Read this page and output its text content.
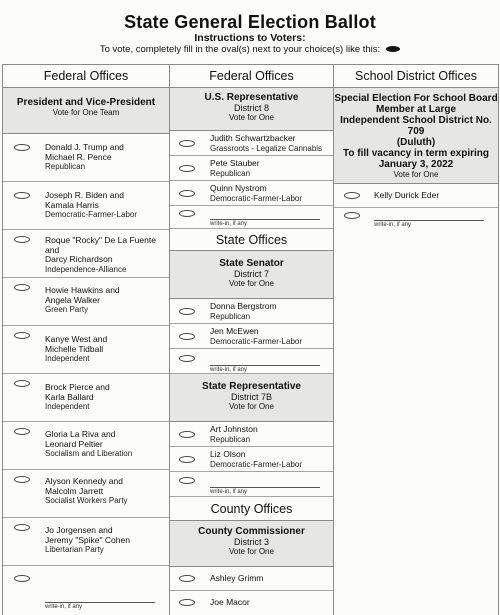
State General Election Ballot
Instructions to Voters:
To vote, completely fill in the oval(s) next to your choice(s) like this:
Federal Offices
President and Vice-President
Vote for One Team
Donald J. Trump and
Michael R. Pence
Republican
Joseph R. Biden and
Kamala Harris
Democratic-Farmer-Labor
Roque "Rocky" De La Fuente
and
Darcy Richardson
Independence-Alliance
Howie Hawkins and
Angela Walker
Green Party
Kanye West and
Michelle Tidball
Independent
Brock Pierce and
Karla Ballard
Independent
Gloria La Riva and
Leonard Peltier
Socialism and Liberation
Alyson Kennedy and
Malcolm Jarrett
Socialist Workers Party
Jo Jorgensen and
Jeremy "Spike" Cohen
Libertarian Party
write-in, if any
Federal Offices
U.S. Representative
District 8
Vote for One
Judith Schwartzbacker
Grassroots - Legalize Cannabis
Pete Stauber
Republican
Quinn Nystrom
Democratic-Farmer-Labor
write-in, if any
State Offices
State Senator
District 7
Vote for One
Donna Bergstrom
Republican
Jen McEwen
Democratic-Farmer-Labor
write-in, if any
State Representative
District 7B
Vote for One
Art Johnston
Republican
Liz Olson
Democratic-Farmer-Labor
write-in, if any
County Offices
County Commissioner
District 3
Vote for One
Ashley Grimm
Joe Macor
School District Offices
Special Election For School Board
Member at Large
Independent School District No. 709
(Duluth)
To fill vacancy in term expiring
January 3, 2022
Vote for One
Kelly Durick Eder
write-in, if any
